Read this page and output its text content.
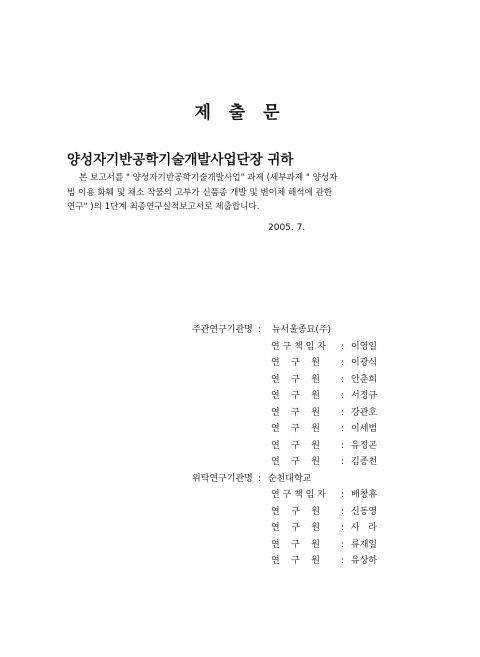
제 출 문
양성자기반공학기술개발사업단장 귀하
본 보고서를 " 양성자기반공학기술개발사업" 과제 (세부과제 " 양성자
빔 이용 화훼 및 채소 작물의 고부가 신품종 개발 및 변이체 해석에 관한
연구" )의 1단계 최종연구실적보고서로 제출합니다.
2005. 7.
주관연구기관명 :	뉴서울종묘(주)
연 구 책 임 자	: 이영일
연    구    원	: 이광식
연    구    원	: 안춘희
연    구    원	: 서정규
연    구    원	: 강관호
연    구    원	: 이세범
연    구    원	: 유정곤
연    구    원	: 김종천
위탁연구기관명 : 순천대학교
연 구 책 임 자	: 배창휴
연    구    원	: 신동영
연    구    원	: 사   라
연    구    원	: 류재일
연    구    원	: 유상하
